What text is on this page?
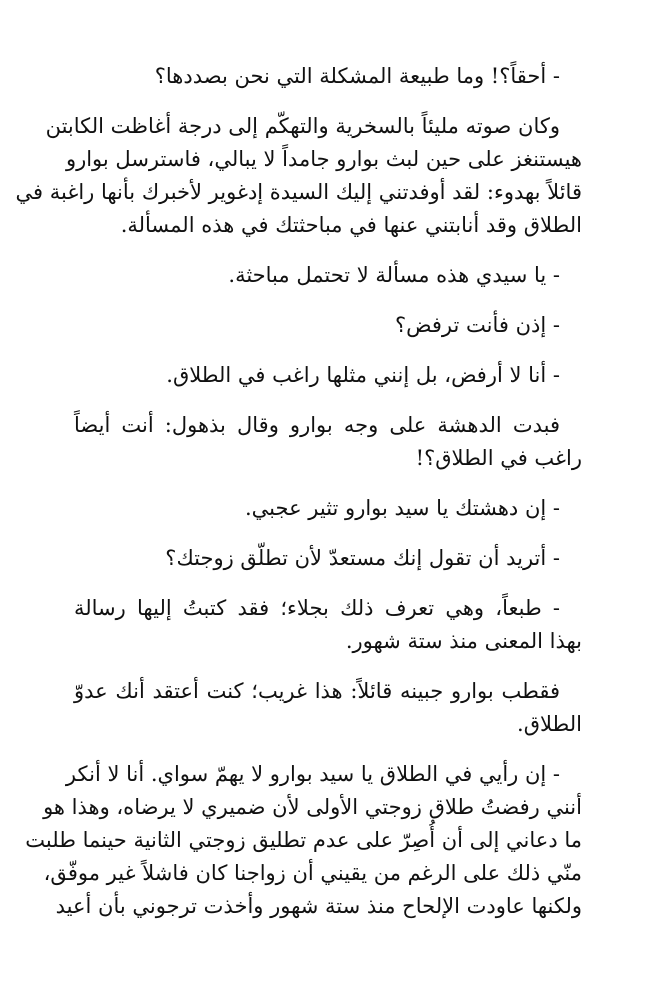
- أحقاً؟! وما طبيعة المشكلة التي نحن بصددها؟

وكان صوته مليئاً بالسخرية والتهكّم إلى درجة أغاظت الكابتن
هيستنغز على حين لبث بوارو جامداً لا يبالي، فاسترسل بوارو
قائلاً بهدوء: لقد أوفدتني إليك السيدة إدغوير لأخبرك بأنها راغبة في
الطلاق وقد أنابتني عنها في مباحثتك في هذه المسألة.

- يا سيدي هذه مسألة لا تحتمل مباحثة.

- إذن فأنت ترفض؟

- أنا لا أرفض، بل إنني مثلها راغب في الطلاق.

فبدت الدهشة على وجه بوارو وقال بذهول: أنت أيضاً
راغب في الطلاق؟!

- إن دهشتك يا سيد بوارو تثير عجبي.

- أتريد أن تقول إنك مستعدّ لأن تطلّق زوجتك؟

- طبعاً، وهي تعرف ذلك بجلاء؛ فقد كتبتُ إليها رسالة
بهذا المعنى منذ ستة شهور.

فقطب بوارو جبينه قائلاً: هذا غريب؛ كنت أعتقد أنك عدوّ
الطلاق.

- إن رأيي في الطلاق يا سيد بوارو لا يهمّ سواي. أنا لا أنكر
أنني رفضتُ طلاق زوجتي الأولى لأن ضميري لا يرضاه، وهذا هو
ما دعاني إلى أن أُصِرّ على عدم تطليق زوجتي الثانية حينما طلبت
منّي ذلك على الرغم من يقيني أن زواجنا كان فاشلاً غير موفّق،
ولكنها عاودت الإلحاح منذ ستة شهور وأخذت ترجوني بأن أعيد
